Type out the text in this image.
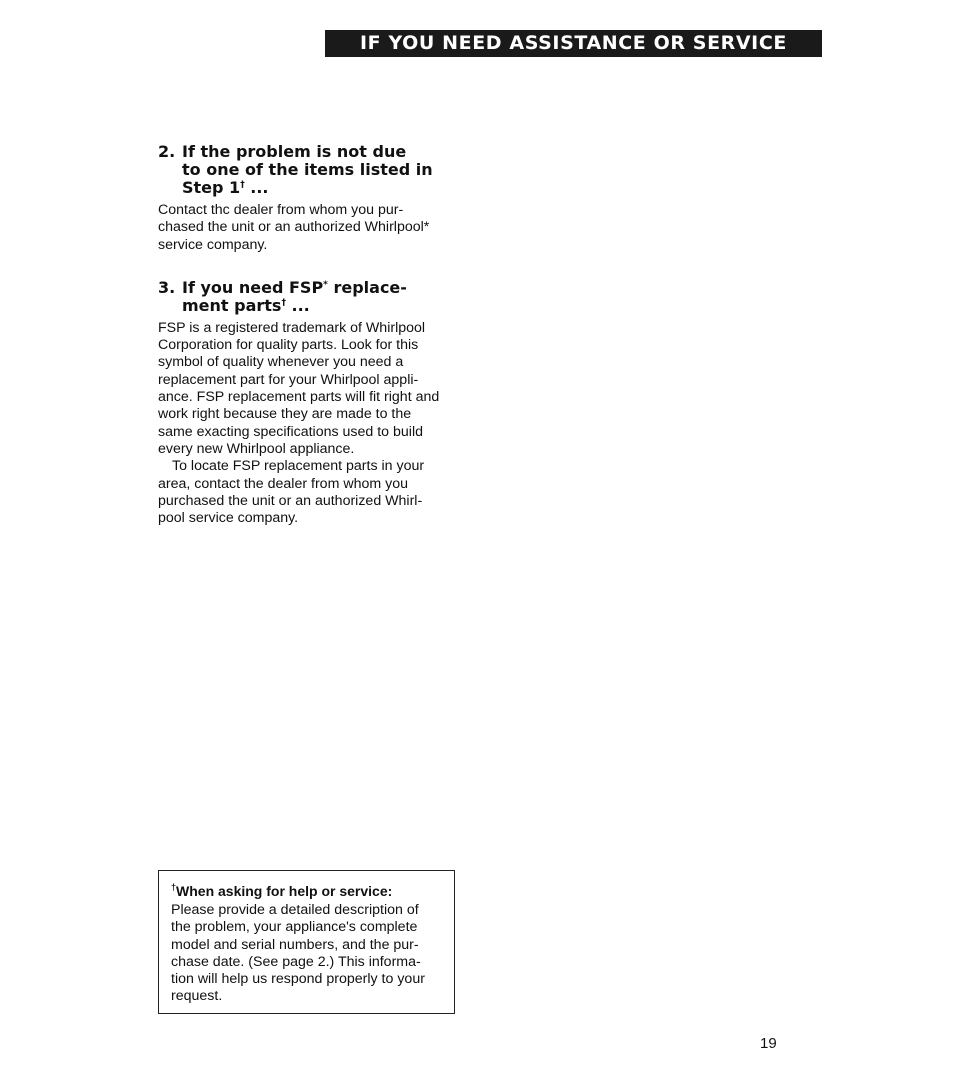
IF YOU NEED ASSISTANCE OR SERVICE
2. If the problem is not due
to one of the items listed in
Step 1† ...

Contact thc dealer from whom you pur-
chased the unit or an authorized Whirlpool*
service company.

3. If you need FSP* replace-
ment parts† ...

FSP is a registered trademark of Whirlpool
Corporation for quality parts. Look for this
symbol of quality whenever you need a
replacement part for your Whirlpool appli-
ance. FSP replacement parts will fit right and
work right because they are made to the
same exacting specifications used to build
every new Whirlpool appliance.
To locate FSP replacement parts in your
area, contact the dealer from whom you
purchased the unit or an authorized Whirl-
pool service company.

†When asking for help or service:

Please provide a detailed description of
the problem, your appliance's complete
model and serial numbers, and the pur-
chase date. (See page 2.) This informa-
tion will help us respond properly to your
request.

19
